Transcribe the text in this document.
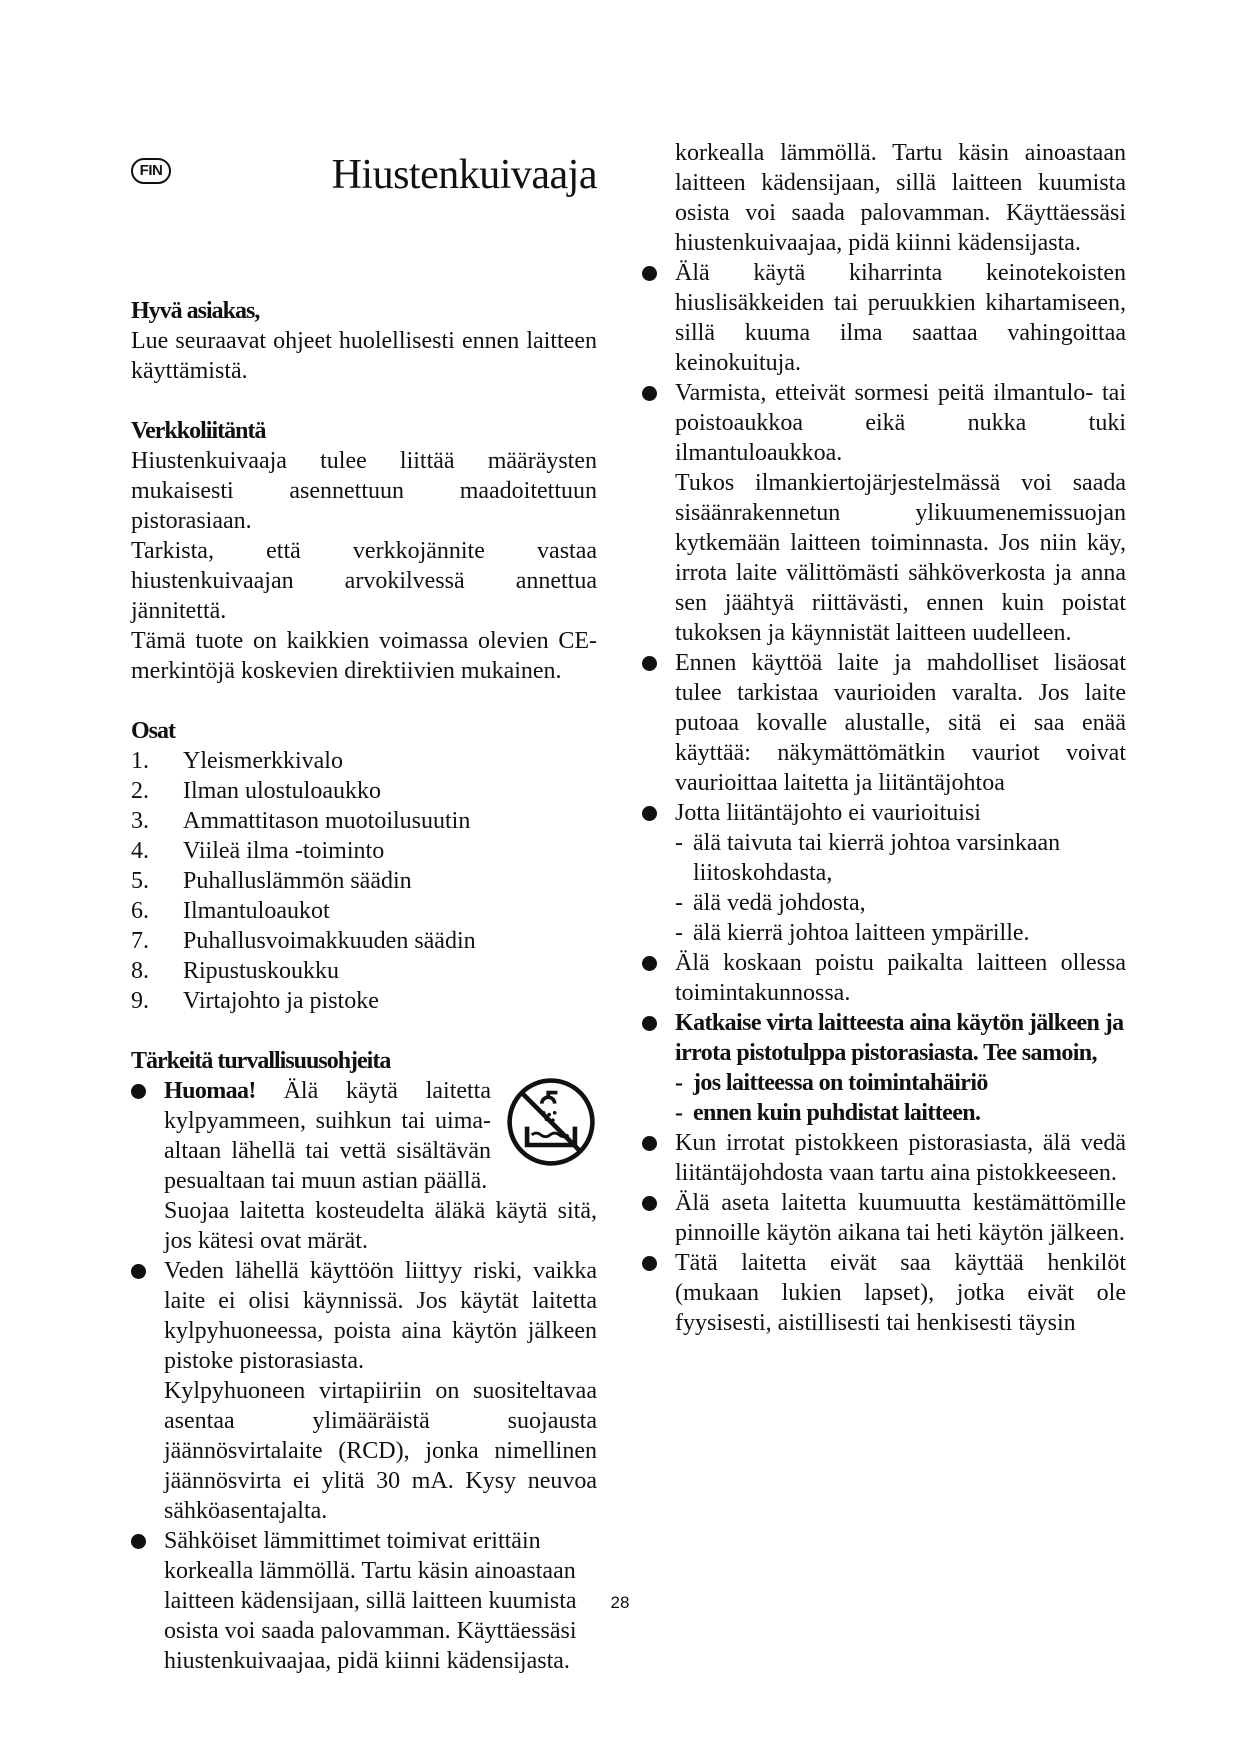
FIN	Hiustenkuivaaja
Hyvä asiakas,

Lue seuraavat ohjeet huolellisesti ennen laitteen käyttämistä.

Verkkoliitäntä

Hiustenkuivaaja tulee liittää määräysten mukaisesti asennettuun maadoitettuun pistorasiaan.

Tarkista, että verkkojännite vastaa hiustenkuivaajan arvokilvessä annettua jännitettä.

Tämä tuote on kaikkien voimassa olevien CE-merkintöjä koskevien direktiivien mukainen.

Osat
1.	Yleismerkkivalo
2.	Ilman ulostuloaukko
3.	Ammattitason muotoilusuutin
4.	Viileä ilma -toiminto
5.	Puhalluslämmön säädin
6.	Ilmantuloaukot
7.	Puhallusvoimakkuuden säädin
8.	Ripustuskoukku
9.	Virtajohto ja pistoke
Tärkeitä turvallisuusohjeita

Huomaa! Älä käytä laitetta kylpyammeen, suihkun tai uima-altaan lähellä tai vettä sisältävän pesualtaan tai muun astian päällä.

Suojaa laitetta kosteudelta äläkä käytä sitä, jos kätesi ovat märät.

Veden lähellä käyttöön liittyy riski, vaikka laite ei olisi käynnissä. Jos käytät laitetta kylpyhuoneessa, poista aina käytön jälkeen pistoke pistorasiasta.

Kylpyhuoneen virtapiiriin on suositeltavaa asentaa ylimääräistä suojausta jäännösvirtalaite (RCD), jonka nimellinen jäännösvirta ei ylitä 30 mA. Kysy neuvoa sähköasentajalta.

Sähköiset lämmittimet toimivat erittäin korkealla lämmöllä. Tartu käsin ainoastaan laitteen kädensijaan, sillä laitteen kuumista osista voi saada palovamman. Käyttäessäsi hiustenkuivaajaa, pidä kiinni kädensijasta.

korkealla lämmöllä. Tartu käsin ainoastaan laitteen kädensijaan, sillä laitteen kuumista osista voi saada palovamman. Käyttäessäsi hiustenkuivaajaa, pidä kiinni kädensijasta.

Älä käytä kiharrinta keinotekoisten hiuslisäkkeiden tai peruukkien kihartamiseen, sillä kuuma ilma saattaa vahingoittaa keinokuituja.

Varmista, etteivät sormesi peitä ilmantulo- tai poistoaukkoa eikä nukka tuki ilmantuloaukkoa.

Tukos ilmankiertojärjestelmässä voi saada sisäänrakennetun ylikuumenemissuojan kytkemään laitteen toiminnasta. Jos niin käy, irrota laite välittömästi sähköverkosta ja anna sen jäähtyä riittävästi, ennen kuin poistat tukoksen ja käynnistät laitteen uudelleen.

Ennen käyttöä laite ja mahdolliset lisäosat tulee tarkistaa vaurioiden varalta. Jos laite putoaa kovalle alustalle, sitä ei saa enää käyttää: näkymättömätkin vauriot voivat vaurioittaa laitetta ja liitäntäjohtoa

Jotta liitäntäjohto ei vaurioituisi

- älä taivuta tai kierrä johtoa varsinkaan liitoskohdasta,
- älä vedä johdosta,
- älä kierrä johtoa laitteen ympärille.

Älä koskaan poistu paikalta laitteen ollessa toimintakunnossa.

Katkaise virta laitteesta aina käytön jälkeen ja irrota pistotulppa pistorasiasta. Tee samoin,

- jos laitteessa on toimintahäiriö
- ennen kuin puhdistat laitteen.

Kun irrotat pistokkeen pistorasiasta, älä vedä liitäntäjohdosta vaan tartu aina pistokkeeseen.

Älä aseta laitetta kuumuutta kestämättömille pinnoille käytön aikana tai heti käytön jälkeen.

Tätä laitetta eivät saa käyttää henkilöt (mukaan lukien lapset), jotka eivät ole fyysisesti, aistillisesti tai henkisesti täysin

28
